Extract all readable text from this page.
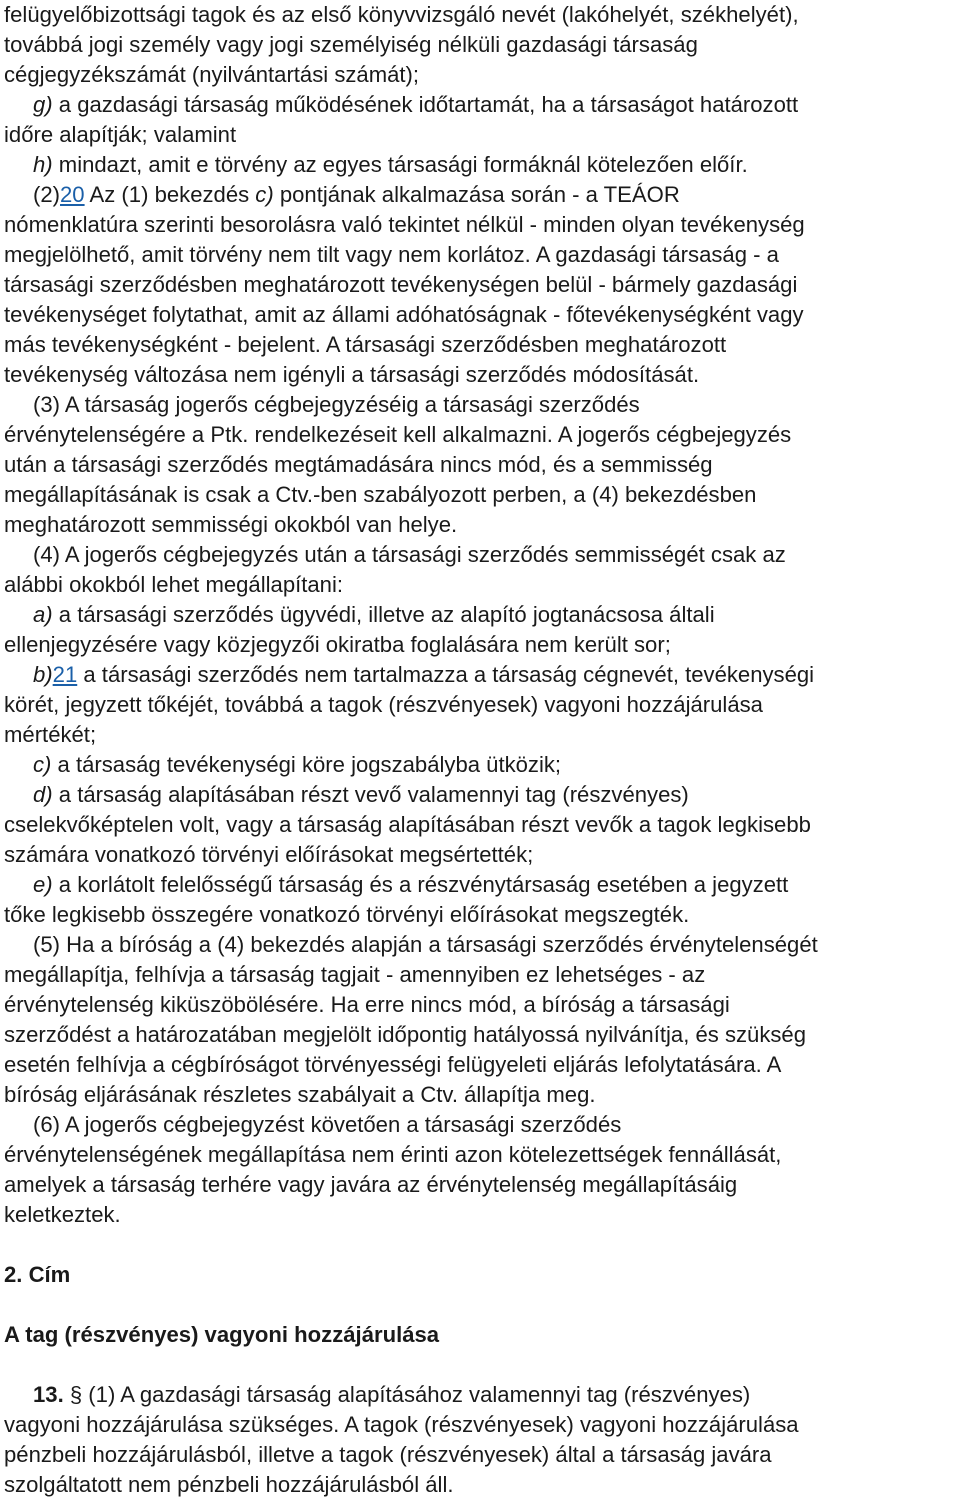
felügyelőbizottsági tagok és az első könyvvizsgáló nevét (lakóhelyét, székhelyét),
továbbá jogi személy vagy jogi személyiség nélküli gazdasági társaság
cégjegyzékszámát (nyilvántartási számát);
g) a gazdasági társaság működésének időtartamát, ha a társaságot határozott
időre alapítják; valamint
h) mindazt, amit e törvény az egyes társasági formáknál kötelezően előír.
(2)20 Az (1) bekezdés c) pontjának alkalmazása során - a TEÁOR
nómenklatúra szerinti besorolásra való tekintet nélkül - minden olyan tevékenység
megjelölhető, amit törvény nem tilt vagy nem korlátoz. A gazdasági társaság - a
társasági szerződésben meghatározott tevékenységen belül - bármely gazdasági
tevékenységet folytathat, amit az állami adóhatóságnak - főtevékenységként vagy
más tevékenységként - bejelent. A társasági szerződésben meghatározott
tevékenység változása nem igényli a társasági szerződés módosítását.
(3) A társaság jogerős cégbejegyzéséig a társasági szerződés
érvénytelenségére a Ptk. rendelkezéseit kell alkalmazni. A jogerős cégbejegyzés
után a társasági szerződés megtámadására nincs mód, és a semmisség
megállapításának is csak a Ctv.-ben szabályozott perben, a (4) bekezdésben
meghatározott semmisségi okokból van helye.
(4) A jogerős cégbejegyzés után a társasági szerződés semmisségét csak az
alábbi okokból lehet megállapítani:
a) a társasági szerződés ügyvédi, illetve az alapító jogtanácsosa általi
ellenjegyzésére vagy közjegyzői okiratba foglalására nem került sor;
b)21 a társasági szerződés nem tartalmazza a társaság cégnevét, tevékenységi
körét, jegyzett tőkéjét, továbbá a tagok (részvényesek) vagyoni hozzájárulása
mértékét;
c) a társaság tevékenységi köre jogszabályba ütközik;
d) a társaság alapításában részt vevő valamennyi tag (részvényes)
cselekvőképtelen volt, vagy a társaság alapításában részt vevők a tagok legkisebb
számára vonatkozó törvényi előírásokat megsértették;
e) a korlátolt felelősségű társaság és a részvénytársaság esetében a jegyzett
tőke legkisebb összegére vonatkozó törvényi előírásokat megszegték.
(5) Ha a bíróság a (4) bekezdés alapján a társasági szerződés érvénytelenségét
megállapítja, felhívja a társaság tagjait - amennyiben ez lehetséges - az
érvénytelenség kiküszöbölésére. Ha erre nincs mód, a bíróság a társasági
szerződést a határozatában megjelölt időpontig hatályossá nyilvánítja, és szükség
esetén felhívja a cégbíróságot törvényességi felügyeleti eljárás lefolytatására. A
bíróság eljárásának részletes szabályait a Ctv. állapítja meg.
(6) A jogerős cégbejegyzést követően a társasági szerződés
érvénytelenségének megállapítása nem érinti azon kötelezettségek fennállását,
amelyek a társaság terhére vagy javára az érvénytelenség megállapításáig
keletkeztek.
2. Cím
A tag (részvényes) vagyoni hozzájárulása
13. § (1) A gazdasági társaság alapításához valamennyi tag (részvényes)
vagyoni hozzájárulása szükséges. A tagok (részvényesek) vagyoni hozzájárulása
pénzbeli hozzájárulásból, illetve a tagok (részvényesek) által a társaság javára
szolgáltatott nem pénzbeli hozzájárulásból áll.
